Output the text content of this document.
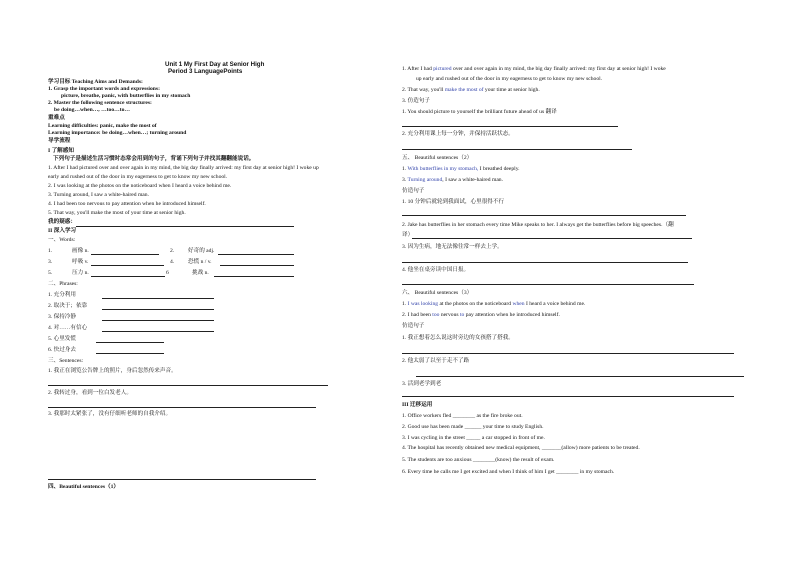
Unit 1 My First Day at Senior High
Period 3 LanguagePoints
学习目标 Teaching Aims and Demands:
1. Grasp the important words and expressions:
picture, breathe, panic, with butterflies in my stomach
2. Master the following sentence structures:
be doing…when…, …too…to…
重难点
Learning difficulties: panic, make the most of
Learning importance: be doing…when…; turning around
导学流程
I 了解感知
下列句子是描述生活习惯时态常会用到的句子，背诵下列句子并找其翻翻能说话。
1. After I had pictured over and over again in my mind, the big day finally arrived: my first day at senior high! I woke up
early and rushed out of the door in my eagerness to get to know my new school.
2. I was looking at the photos on the noticeboard when I heard a voice behind me.
3. Turning around, I saw a white-haired man.
4. I had been too nervous to pay attention when he introduced himself.
5. That way, you'll make the most of your time at senior high.
我的疑惑：
II 深入学习
一、Words:
1.	画像 n.	2. 好奇的 adj.
3.	呼吸 v.	4. 恐慌 n / v.
5.	压力 n.	6	挑战 n.
二、Phrases:
1. 充分利用
2. 取决于；依靠
3. 保持冷静
4. 对……有信心
5. 心里发慌
6. 快过身去
三、Sentences:
1. 我正在浏览公告牌上的照片，身后忽然传来声音。
2. 我转过身，看到一位白发老人。
3. 我那时太紧张了，没有仔细听老师的自我介绍。
四、Beautiful sentences（1）
1. After I had pictured over and over again in my mind, the big day finally arrived: my first day at senior high! I woke
up early and rushed out of the door in my eagerness to get to know my new school.
2. That way, you'll make the most of your time at senior high.
3. 仿造句子
1. You should picture to yourself the brilliant future ahead of us 翻译
2. 充分利用课上每一分钟，并保持活跃状态。
五、 Beautiful sentences（2）
1. With butterflies in my stomach, I breathed deeply.
3. Turning around, I saw a white-haired man.
仿造句子
1. 10 分钟后就轮到我面试，心里很得不行
2. Jake has butterflies in her stomach every time Mike speaks to her. I always get the butterflies before big speeches.（翻
译）
3. 因为生病，地无法像往常一样去上学。
4. 他坐在桌旁读中国日报。
六、 Beautiful sentences（3）
1. I was looking at the photos on the noticeboard when I heard a voice behind me.
2. I had been too nervous to pay attention when he introduced himself.
仿造句子
1. 我正想着怎么说这时旁边的女孩搭了搭我。
2. 他太弱了以至于走不了路
3. 活到老学到老
III 迁移运用
1. Office workers fled ________ as the fire broke out.
2. Good use has been made ______ your time to study English.
3. I was cycling in the street _____ a car stopped in front of me.
4. The hospital has recently obtained new medical equipment, _______(allow) more patients to be treated.
5. The students are too anxious ________(know) the result of exam.
6. Every time he calls me I get excited and when I think of him I get ________ in my stomach.
